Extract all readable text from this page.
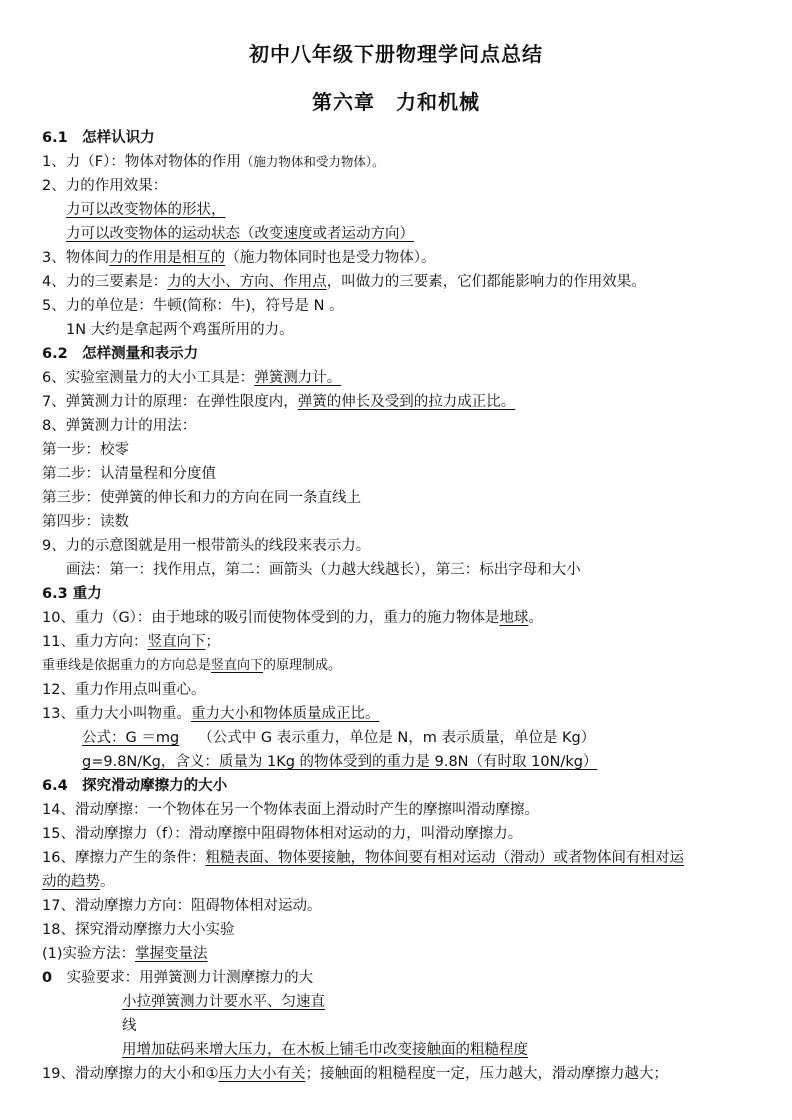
初中八年级下册物理学问点总结
第六章　力和机械
6.1　怎样认识力
1、力（F）：物体对物体的作用（施力物体和受力物体）。
2、力的作用效果：
力可以改变物体的形状，
力可以改变物体的运动状态（改变速度或者运动方向）
3、物体间力的作用是相互的（施力物体同时也是受力物体）。
4、力的三要素是：力的大小、方向、作用点，叫做力的三要素，它们都能影响力的作用效果。
5、力的单位是：牛顿(简称：牛)，符号是 N 。
1N 大约是拿起两个鸡蛋所用的力。
6.2　怎样测量和表示力
6、实验室测量力的大小工具是：弹簧测力计。
7、弹簧测力计的原理：在弹性限度内，弹簧的伸长及受到的拉力成正比。
8、弹簧测力计的用法：
第一步：校零
第二步：认清量程和分度值
第三步：使弹簧的伸长和力的方向在同一条直线上
第四步：读数
9、力的示意图就是用一根带箭头的线段来表示力。
画法：第一：找作用点，第二：画箭头（力越大线越长），第三：标出字母和大小
6.3 重力
10、重力（G）：由于地球的吸引而使物体受到的力，重力的施力物体是地球。
11、重力方向：竖直向下；
重垂线是依据重力的方向总是竖直向下的原理制成。
12、重力作用点叫重心。
13、重力大小叫物重。重力大小和物体质量成正比。
公式：G ＝mg　 （公式中 G 表示重力，单位是 N，m 表示质量，单位是 Kg）
g=9.8N/Kg，含义：质量为 1Kg 的物体受到的重力是 9.8N（有时取 10N/kg）
6.4　探究滑动摩擦力的大小
14、滑动摩擦：一个物体在另一个物体表面上滑动时产生的摩擦叫滑动摩擦。
15、滑动摩擦力（f）：滑动摩擦中阻碍物体相对运动的力，叫滑动摩擦力。
16、摩擦力产生的条件：粗糙表面、物体要接触，物体间要有相对运动（滑动）或者物体间有相对运
动的趋势。
17、滑动摩擦力方向：阻碍物体相对运动。
18、探究滑动摩擦力大小实验
(1)实验方法：掌握变量法
0　 实验要求：用弹簧测力计测摩擦力的大
小拉弹簧测力计要水平、匀速直
线
用增加砝码来增大压力，在木板上铺毛巾改变接触面的粗糙程度
19、滑动摩擦力的大小和①压力大小有关；接触面的粗糙程度一定，压力越大，滑动摩擦力越大；
